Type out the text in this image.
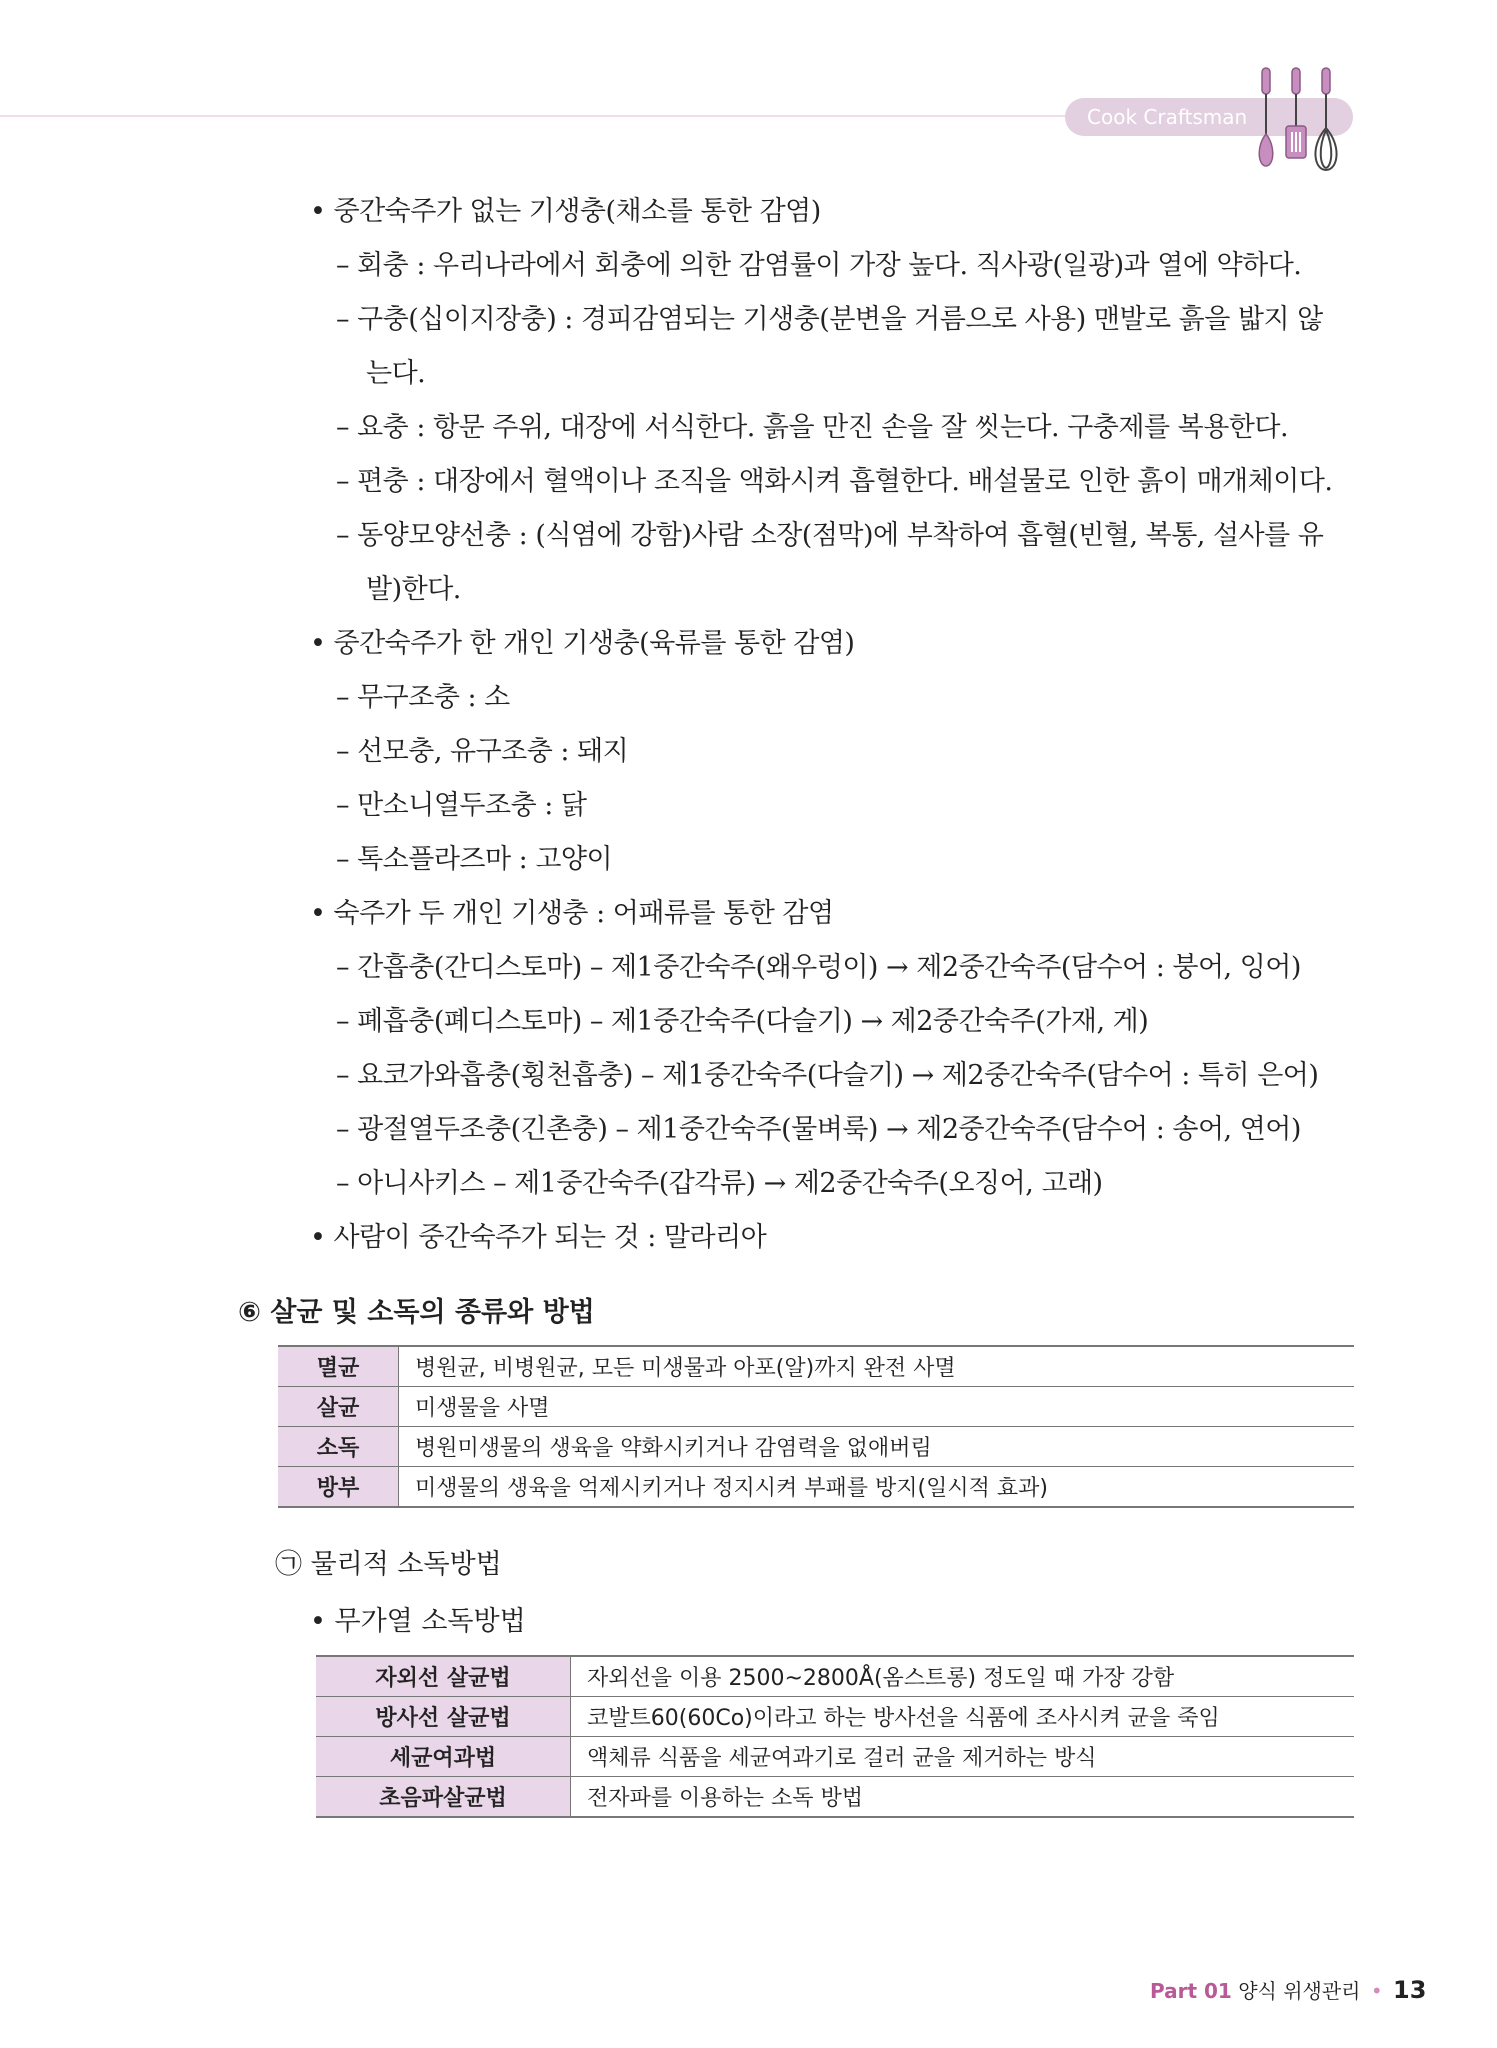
Cook Craftsman
• 중간숙주가 없는 기생충(채소를 통한 감염)
– 회충 : 우리나라에서 회충에 의한 감염률이 가장 높다. 직사광(일광)과 열에 약하다.
– 구충(십이지장충) : 경피감염되는 기생충(분변을 거름으로 사용) 맨발로 흙을 밟지 않
는다.
– 요충 : 항문 주위, 대장에 서식한다. 흙을 만진 손을 잘 씻는다. 구충제를 복용한다.
– 편충 : 대장에서 혈액이나 조직을 액화시켜 흡혈한다. 배설물로 인한 흙이 매개체이다.
– 동양모양선충 : (식염에 강함)사람 소장(점막)에 부착하여 흡혈(빈혈, 복통, 설사를 유
발)한다.
• 중간숙주가 한 개인 기생충(육류를 통한 감염)
– 무구조충 : 소
– 선모충, 유구조충 : 돼지
– 만소니열두조충 : 닭
– 톡소플라즈마 : 고양이
• 숙주가 두 개인 기생충 : 어패류를 통한 감염
– 간흡충(간디스토마) – 제1중간숙주(왜우렁이) → 제2중간숙주(담수어 : 붕어, 잉어)
– 폐흡충(폐디스토마) – 제1중간숙주(다슬기) → 제2중간숙주(가재, 게)
– 요코가와흡충(횡천흡충) – 제1중간숙주(다슬기) → 제2중간숙주(담수어 : 특히 은어)
– 광절열두조충(긴촌충) – 제1중간숙주(물벼룩) → 제2중간숙주(담수어 : 송어, 연어)
– 아니사키스 – 제1중간숙주(갑각류) → 제2중간숙주(오징어, 고래)
• 사람이 중간숙주가 되는 것 : 말라리아
⑥ 살균 및 소독의 종류와 방법
멸균	병원균, 비병원균, 모든 미생물과 아포(알)까지 완전 사멸
살균	미생물을 사멸
소독	병원미생물의 생육을 약화시키거나 감염력을 없애버림
방부	미생물의 생육을 억제시키거나 정지시켜 부패를 방지(일시적 효과)
㉠ 물리적 소독방법
• 무가열 소독방법
자외선 살균법	자외선을 이용 2500~2800Å(옴스트롱) 정도일 때 가장 강함
방사선 살균법	코발트60(60Co)이라고 하는 방사선을 식품에 조사시켜 균을 죽임
세균여과법	액체류 식품을 세균여과기로 걸러 균을 제거하는 방식
초음파살균법	전자파를 이용하는 소독 방법
Part 01 양식 위생관리 • 13
